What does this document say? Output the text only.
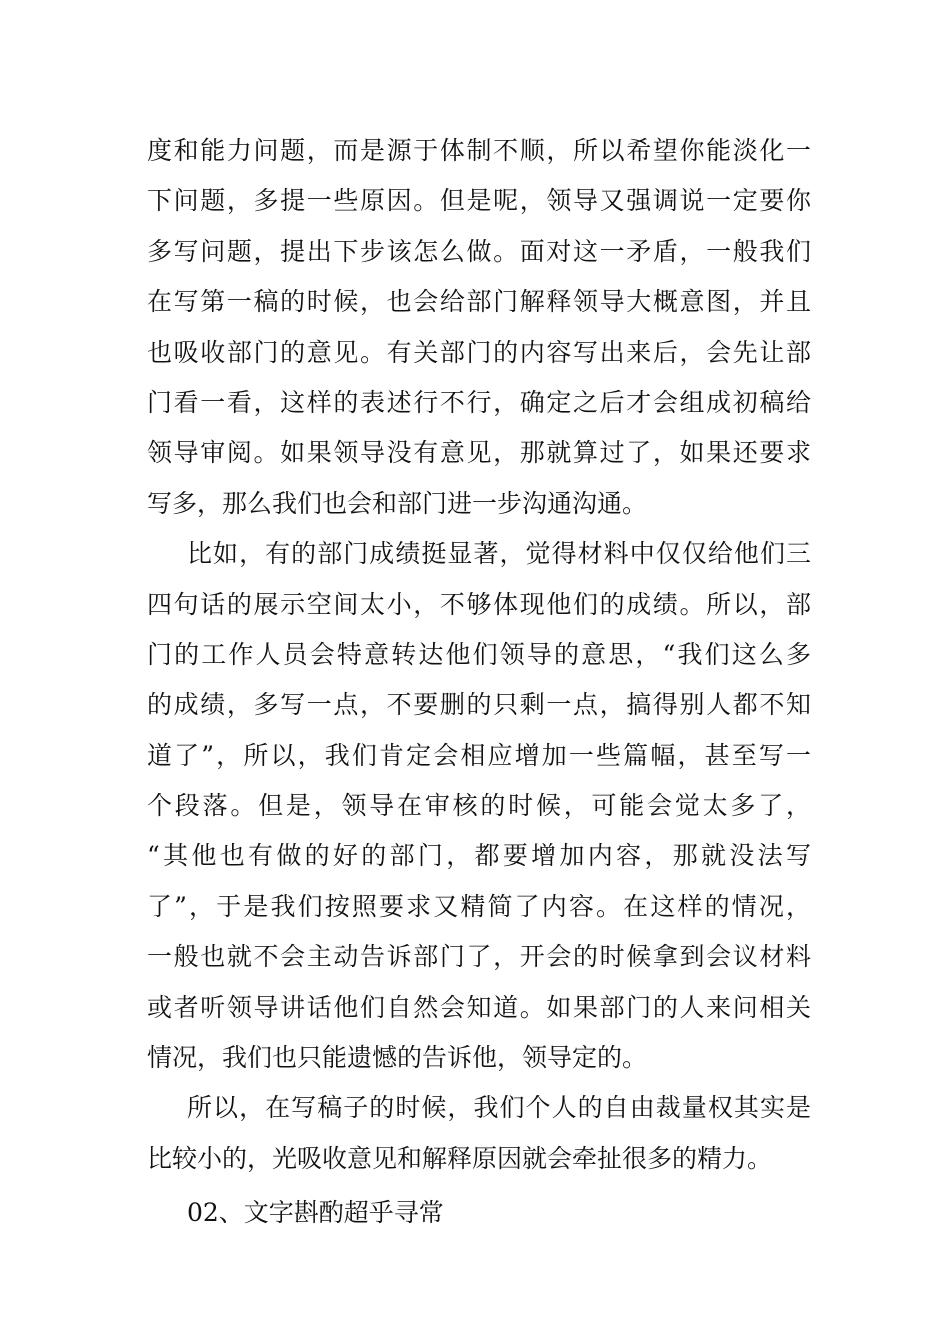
度和能力问题，而是源于体制不顺，所以希望你能淡化一
下问题，多提一些原因。但是呢，领导又强调说一定要你
多写问题，提出下步该怎么做。面对这一矛盾，一般我们
在写第一稿的时候，也会给部门解释领导大概意图，并且
也吸收部门的意见。有关部门的内容写出来后，会先让部
门看一看，这样的表述行不行，确定之后才会组成初稿给
领导审阅。如果领导没有意见，那就算过了，如果还要求
写多，那么我们也会和部门进一步沟通沟通。
比如，有的部门成绩挺显著，觉得材料中仅仅给他们三
四句话的展示空间太小，不够体现他们的成绩。所以，部
门的工作人员会特意转达他们领导的意思，“我们这么多
的成绩，多写一点，不要删的只剩一点，搞得别人都不知
道了”，所以，我们肯定会相应增加一些篇幅，甚至写一
个段落。但是，领导在审核的时候，可能会觉太多了，
“其他也有做的好的部门，都要增加内容，那就没法写
了”，于是我们按照要求又精简了内容。在这样的情况，
一般也就不会主动告诉部门了，开会的时候拿到会议材料
或者听领导讲话他们自然会知道。如果部门的人来问相关
情况，我们也只能遗憾的告诉他，领导定的。
所以，在写稿子的时候，我们个人的自由裁量权其实是
比较小的，光吸收意见和解释原因就会牵扯很多的精力。
02、文字斟酌超乎寻常
